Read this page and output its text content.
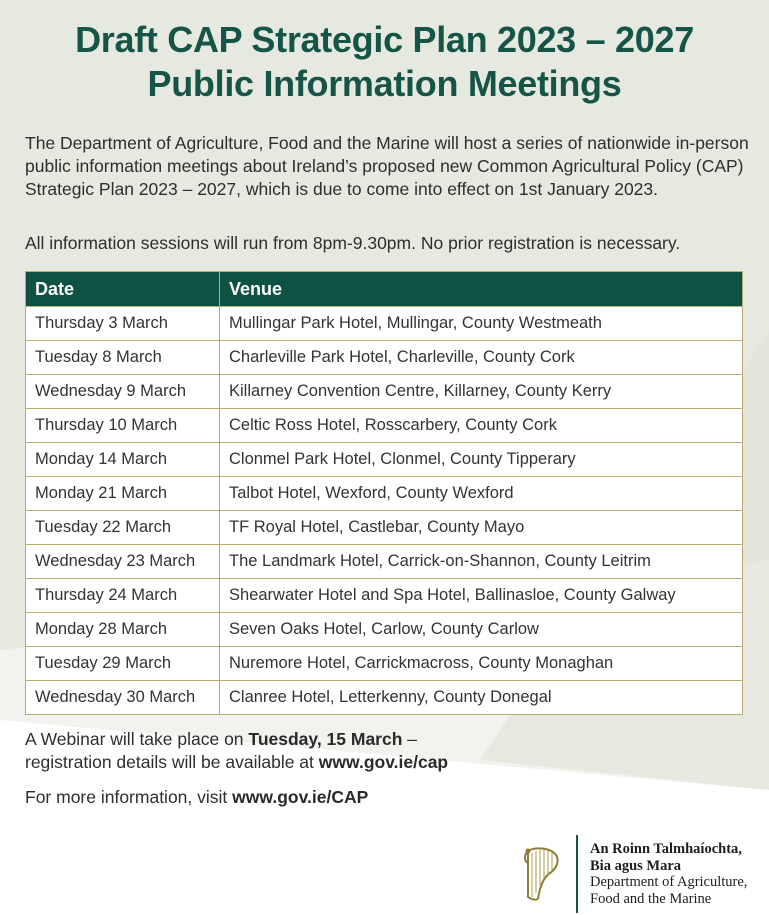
Draft CAP Strategic Plan 2023 – 2027
Public Information Meetings

The Department of Agriculture, Food and the Marine will host a series of nationwide in-person public information meetings about Ireland’s proposed new Common Agricultural Policy (CAP) Strategic Plan 2023 – 2027, which is due to come into effect on 1st January 2023.

All information sessions will run from 8pm-9.30pm. No prior registration is necessary.

Date	Venue
Thursday 3 March	Mullingar Park Hotel, Mullingar, County Westmeath
Tuesday 8 March	Charleville Park Hotel, Charleville, County Cork
Wednesday 9 March	Killarney Convention Centre, Killarney, County Kerry
Thursday 10 March	Celtic Ross Hotel, Rosscarbery, County Cork
Monday 14 March	Clonmel Park Hotel, Clonmel, County Tipperary
Monday 21 March	Talbot Hotel, Wexford, County Wexford
Tuesday 22 March	TF Royal Hotel, Castlebar, County Mayo
Wednesday 23 March	The Landmark Hotel, Carrick-on-Shannon, County Leitrim
Thursday 24 March	Shearwater Hotel and Spa Hotel, Ballinasloe, County Galway
Monday 28 March	Seven Oaks Hotel, Carlow, County Carlow
Tuesday 29 March	Nuremore Hotel, Carrickmacross, County Monaghan
Wednesday 30 March	Clanree Hotel, Letterkenny, County Donegal

A Webinar will take place on Tuesday, 15 March –
registration details will be available at www.gov.ie/cap

For more information, visit www.gov.ie/CAP

An Roinn Talmhaíochta,
Bia agus Mara
Department of Agriculture,
Food and the Marine
